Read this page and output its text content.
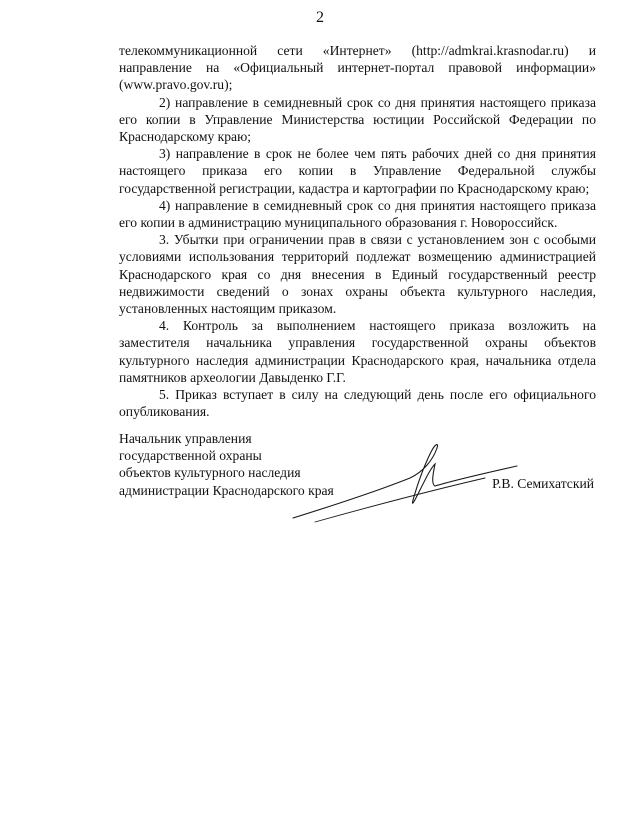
2

телекоммуникационной сети «Интернет» (http://admkrai.krasnodar.ru) и направление на «Официальный интернет-портал правовой информации» (www.pravo.gov.ru);

2) направление в семидневный срок со дня принятия настоящего приказа его копии в Управление Министерства юстиции Российской Федерации по Краснодарскому краю;

3) направление в срок не более чем пять рабочих дней со дня принятия настоящего приказа его копии в Управление Федеральной службы государственной регистрации, кадастра и картографии по Краснодарскому краю;

4) направление в семидневный срок со дня принятия настоящего приказа его копии в администрацию муниципального образования г. Новороссийск.

3. Убытки при ограничении прав в связи с установлением зон с особыми условиями использования территорий подлежат возмещению администрацией Краснодарского края со дня внесения в Единый государственный реестр недвижимости сведений о зонах охраны объекта культурного наследия, установленных настоящим приказом.

4. Контроль за выполнением настоящего приказа возложить на заместителя начальника управления государственной охраны объектов культурного наследия администрации Краснодарского края, начальника отдела памятников археологии Давыденко Г.Г.

5. Приказ вступает в силу на следующий день после его официального опубликования.

Начальник управления
государственной охраны
объектов культурного наследия
администрации Краснодарского края	Р.В. Семихатский
